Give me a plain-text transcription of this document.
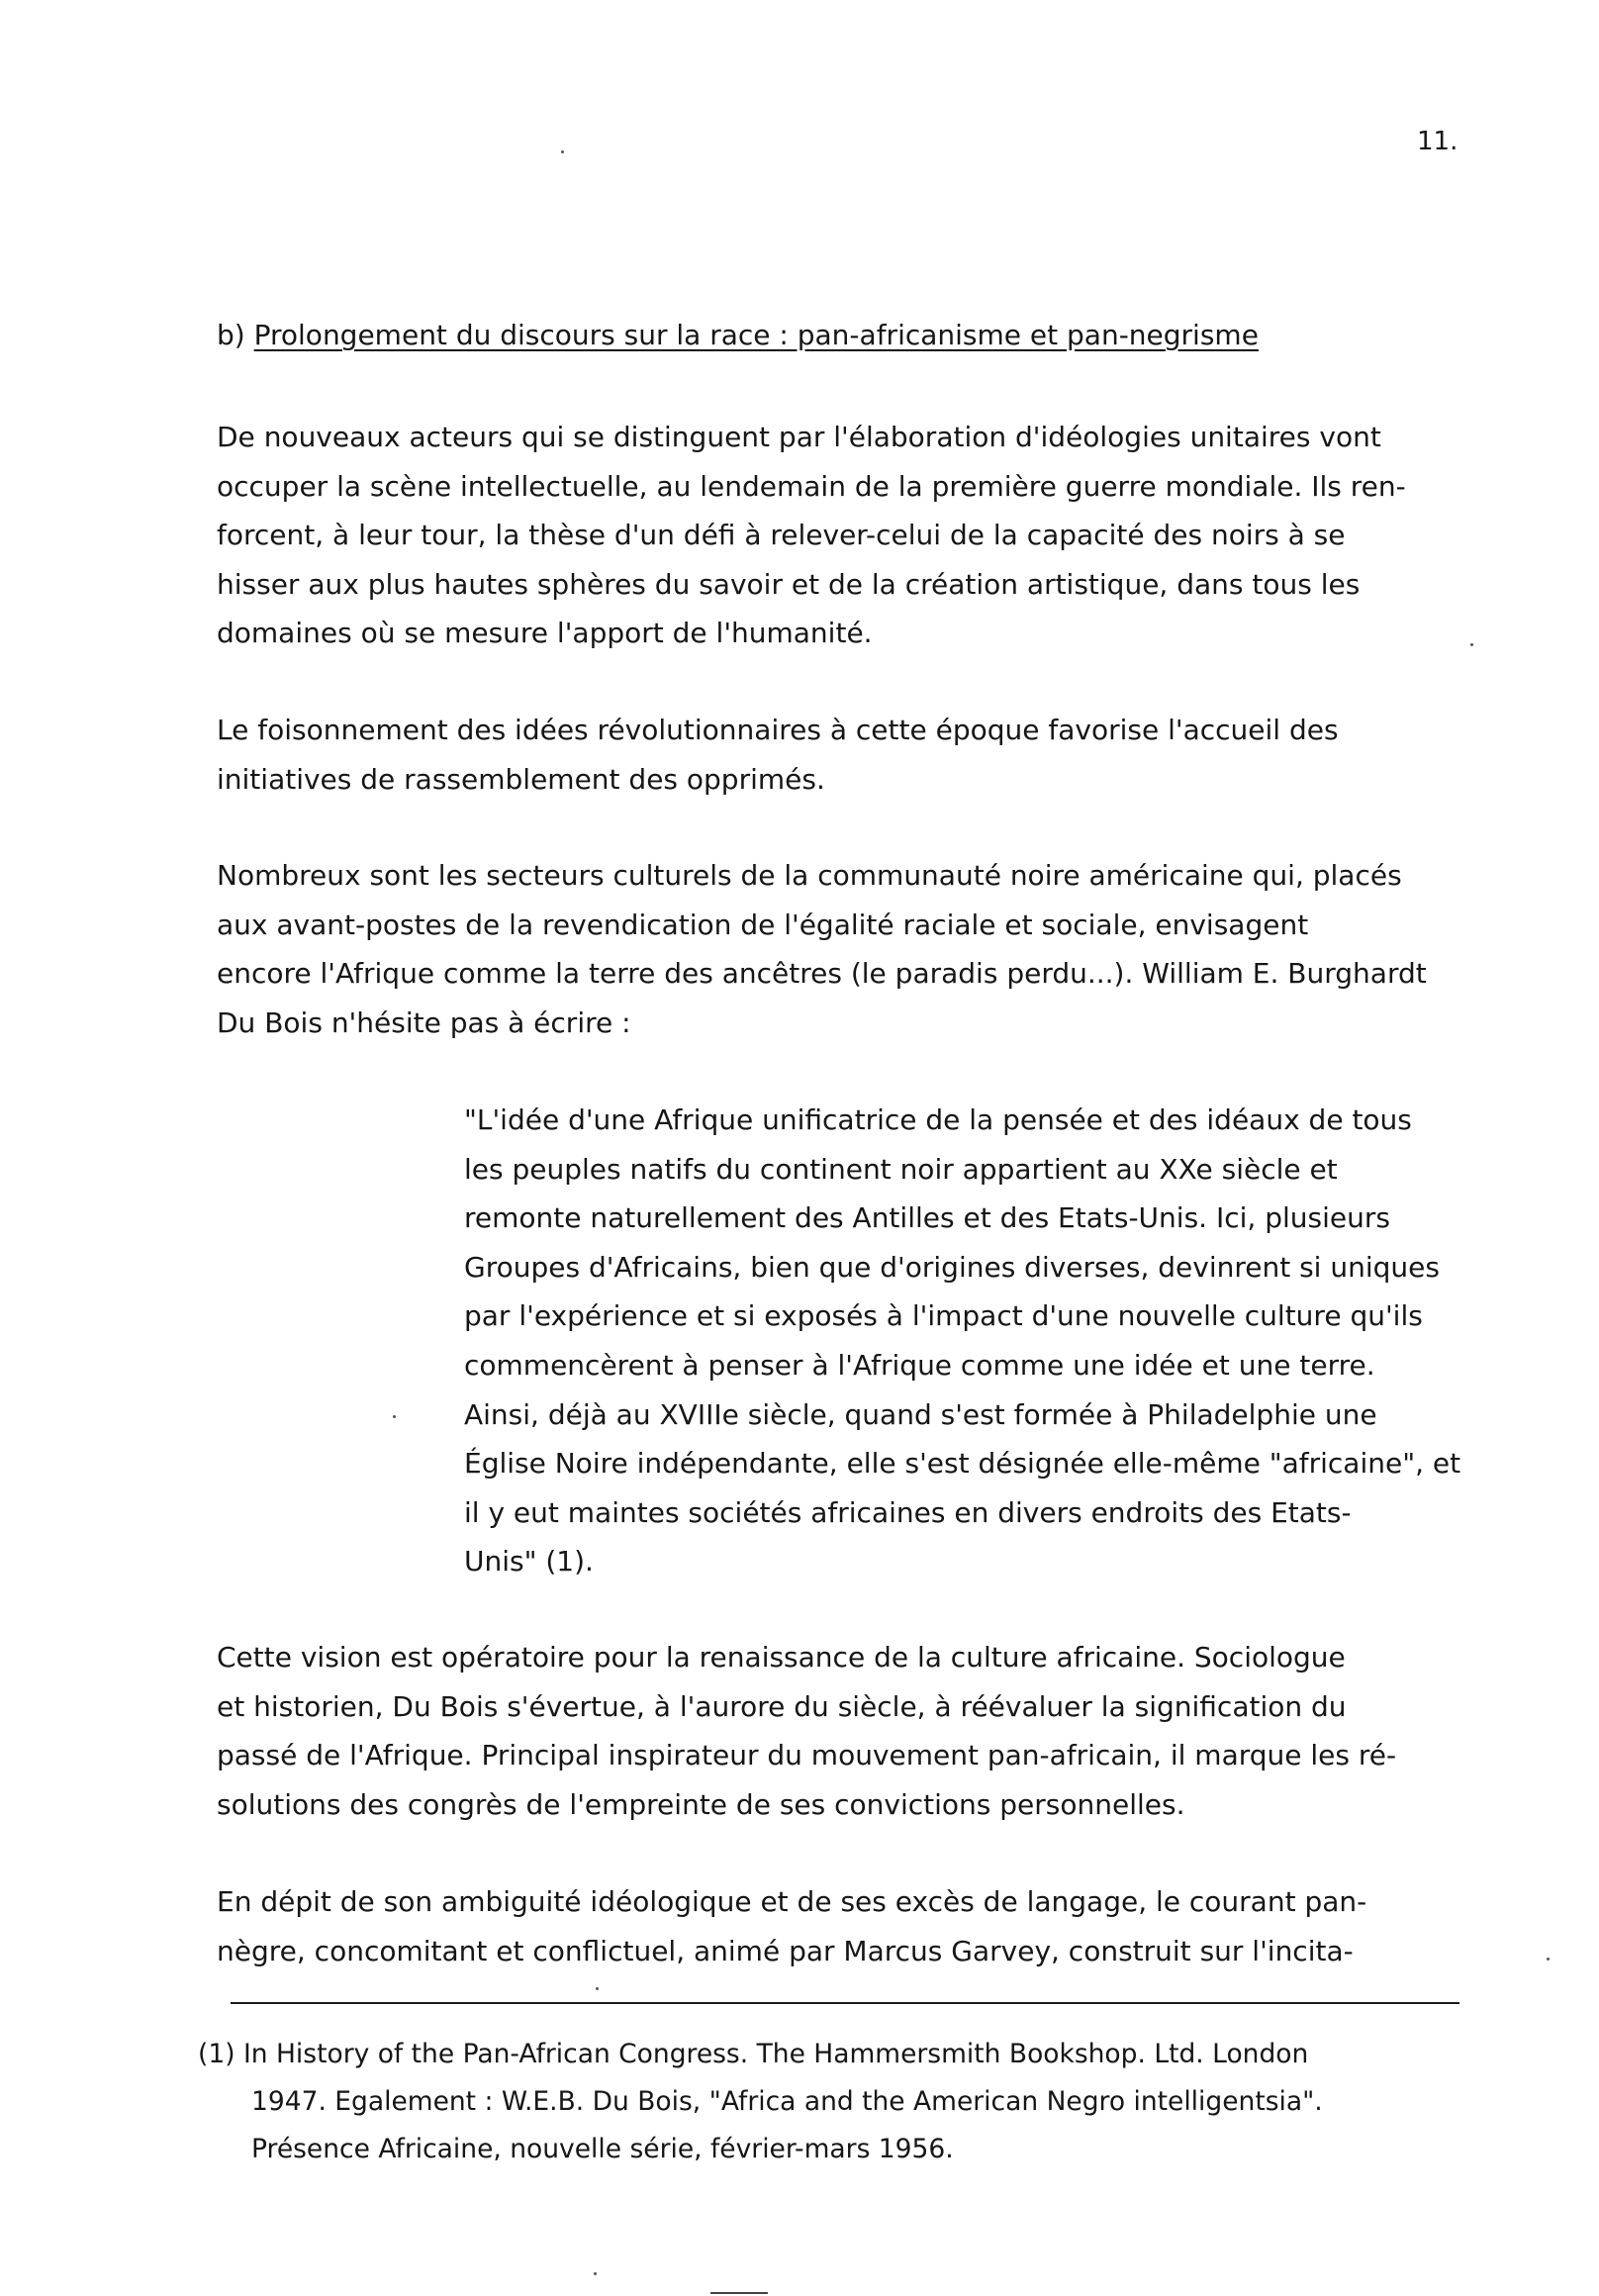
11.
b) Prolongement du discours sur la race : pan-africanisme et pan-negrisme
De nouveaux acteurs qui se distinguent par l'élaboration d'idéologies unitaires vont
occuper la scène intellectuelle, au lendemain de la première guerre mondiale. Ils ren-
forcent, à leur tour, la thèse d'un défi à relever-celui de la capacité des noirs à se
hisser aux plus hautes sphères du savoir et de la création artistique, dans tous les
domaines où se mesure l'apport de l'humanité.
Le foisonnement des idées révolutionnaires à cette époque favorise l'accueil des
initiatives de rassemblement des opprimés.
Nombreux sont les secteurs culturels de la communauté noire américaine qui, placés
aux avant-postes de la revendication de l'égalité raciale et sociale, envisagent
encore l'Afrique comme la terre des ancêtres (le paradis perdu...). William E. Burghardt
Du Bois n'hésite pas à écrire :
"L'idée d'une Afrique unificatrice de la pensée et des idéaux de tous
les peuples natifs du continent noir appartient au XXe siècle et
remonte naturellement des Antilles et des Etats-Unis. Ici, plusieurs
Groupes d'Africains, bien que d'origines diverses, devinrent si uniques
par l'expérience et si exposés à l'impact d'une nouvelle culture qu'ils
commencèrent à penser à l'Afrique comme une idée et une terre.
Ainsi, déjà au XVIIIe siècle, quand s'est formée à Philadelphie une
Église Noire indépendante, elle s'est désignée elle-même "africaine", et
il y eut maintes sociétés africaines en divers endroits des Etats-
Unis" (1).
Cette vision est opératoire pour la renaissance de la culture africaine. Sociologue
et historien, Du Bois s'évertue, à l'aurore du siècle, à réévaluer la signification du
passé de l'Afrique. Principal inspirateur du mouvement pan-africain, il marque les ré-
solutions des congrès de l'empreinte de ses convictions personnelles.
En dépit de son ambiguité idéologique et de ses excès de langage, le courant pan-
nègre, concomitant et conflictuel, animé par Marcus Garvey, construit sur l'incita-
(1) In History of the Pan-African Congress. The Hammersmith Bookshop. Ltd. London
1947. Egalement : W.E.B. Du Bois, "Africa and the American Negro intelligentsia".
Présence Africaine, nouvelle série, février-mars 1956.
